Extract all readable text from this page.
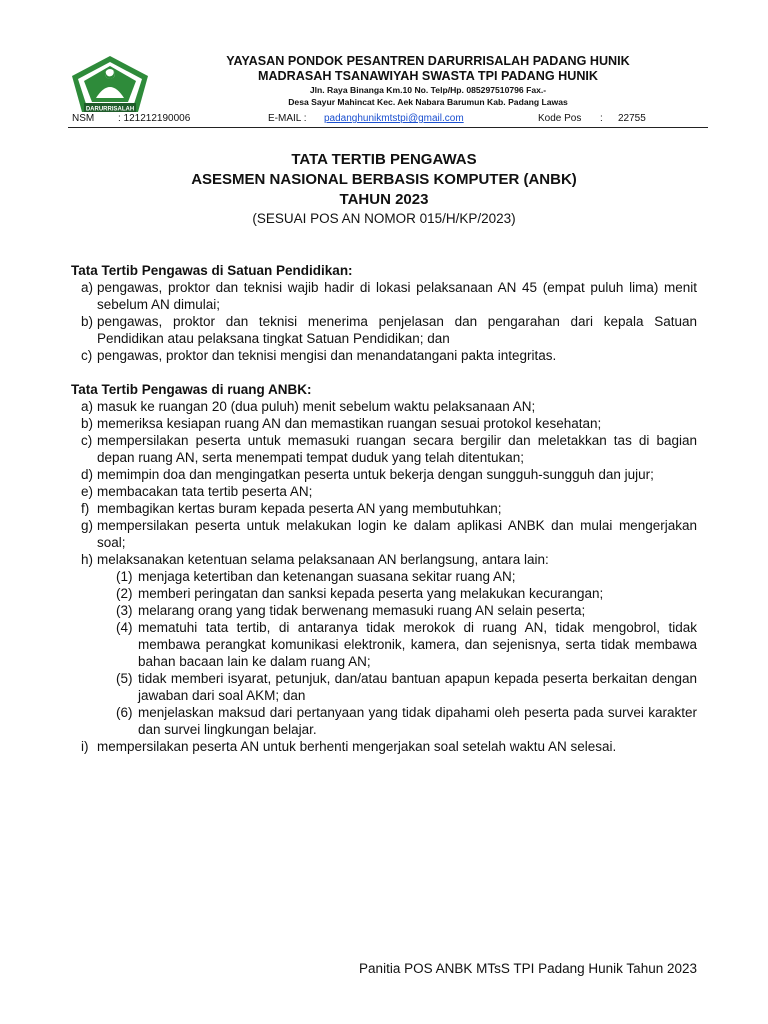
DARURRISALAH
YAYASAN PONDOK PESANTREN DARURRISALAH PADANG HUNIK
MADRASAH TSANAWIYAH SWASTA TPI PADANG HUNIK
Jln. Raya Binanga Km.10 No. Telp/Hp. 085297510796 Fax.-
Desa Sayur Mahincat Kec. Aek Nabara Barumun Kab. Padang Lawas
NSM : 121212190006	E-MAIL : padanghunikmtstpi@gmail.com	Kode Pos : 22755
TATA TERTIB PENGAWAS
ASESMEN NASIONAL BERBASIS KOMPUTER (ANBK)
TAHUN 2023
(SESUAI POS AN NOMOR 015/H/KP/2023)
Tata Tertib Pengawas di Satuan Pendidikan:
a) pengawas, proktor dan teknisi wajib hadir di lokasi pelaksanaan AN 45 (empat puluh lima) menit sebelum AN dimulai;
b) pengawas, proktor dan teknisi menerima penjelasan dan pengarahan dari kepala Satuan Pendidikan atau pelaksana tingkat Satuan Pendidikan; dan
c) pengawas, proktor dan teknisi mengisi dan menandatangani pakta integritas.
Tata Tertib Pengawas di ruang ANBK:
a) masuk ke ruangan 20 (dua puluh) menit sebelum waktu pelaksanaan AN;
b) memeriksa kesiapan ruang AN dan memastikan ruangan sesuai protokol kesehatan;
c) mempersilakan peserta untuk memasuki ruangan secara bergilir dan meletakkan tas di bagian depan ruang AN, serta menempati tempat duduk yang telah ditentukan;
d) memimpin doa dan mengingatkan peserta untuk bekerja dengan sungguh-sungguh dan jujur;
e) membacakan tata tertib peserta AN;
f) membagikan kertas buram kepada peserta AN yang membutuhkan;
g) mempersilakan peserta untuk melakukan login ke dalam aplikasi ANBK dan mulai mengerjakan soal;
h) melaksanakan ketentuan selama pelaksanaan AN berlangsung, antara lain:
(1) menjaga ketertiban dan ketenangan suasana sekitar ruang AN;
(2) memberi peringatan dan sanksi kepada peserta yang melakukan kecurangan;
(3) melarang orang yang tidak berwenang memasuki ruang AN selain peserta;
(4) mematuhi tata tertib, di antaranya tidak merokok di ruang AN, tidak mengobrol, tidak membawa perangkat komunikasi elektronik, kamera, dan sejenisnya, serta tidak membawa bahan bacaan lain ke dalam ruang AN;
(5) tidak memberi isyarat, petunjuk, dan/atau bantuan apapun kepada peserta berkaitan dengan jawaban dari soal AKM; dan
(6) menjelaskan maksud dari pertanyaan yang tidak dipahami oleh peserta pada survei karakter dan survei lingkungan belajar.
i) mempersilakan peserta AN untuk berhenti mengerjakan soal setelah waktu AN selesai.
Panitia POS ANBK MTsS TPI Padang Hunik Tahun 2023
